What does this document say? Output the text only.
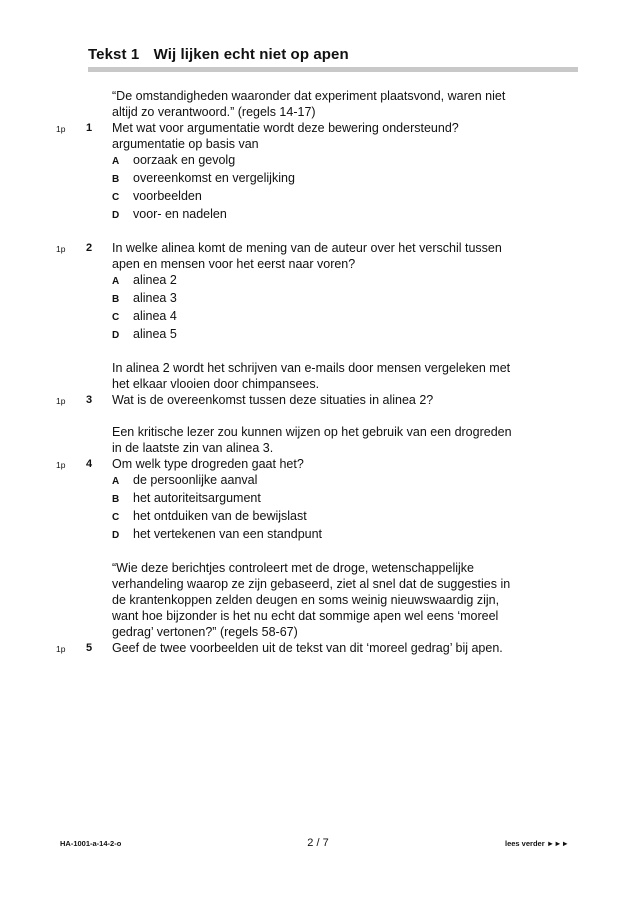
Tekst 1 Wij lijken echt niet op apen
“De omstandigheden waaronder dat experiment plaatsvond, waren niet
altijd zo verantwoord.” (regels 14-17)
1p 1 Met wat voor argumentatie wordt deze bewering ondersteund?
argumentatie op basis van
A oorzaak en gevolg
B overeenkomst en vergelijking
C voorbeelden
D voor- en nadelen
1p 2 In welke alinea komt de mening van de auteur over het verschil tussen
apen en mensen voor het eerst naar voren?
A alinea 2
B alinea 3
C alinea 4
D alinea 5
In alinea 2 wordt het schrijven van e-mails door mensen vergeleken met
het elkaar vlooien door chimpansees.
1p 3 Wat is de overeenkomst tussen deze situaties in alinea 2?
Een kritische lezer zou kunnen wijzen op het gebruik van een drogreden
in de laatste zin van alinea 3.
1p 4 Om welk type drogreden gaat het?
A de persoonlijke aanval
B het autoriteitsargument
C het ontduiken van de bewijslast
D het vertekenen van een standpunt
“Wie deze berichtjes controleert met de droge, wetenschappelijke
verhandeling waarop ze zijn gebaseerd, ziet al snel dat de suggesties in
de krantenkoppen zelden deugen en soms weinig nieuwswaardig zijn,
want hoe bijzonder is het nu echt dat sommige apen wel eens ‘moreel
gedrag’ vertonen?” (regels 58-67)
1p 5 Geef de twee voorbeelden uit de tekst van dit ‘moreel gedrag’ bij apen.
HA-1001-a-14-2-o	2 / 7	lees verder ►►►
